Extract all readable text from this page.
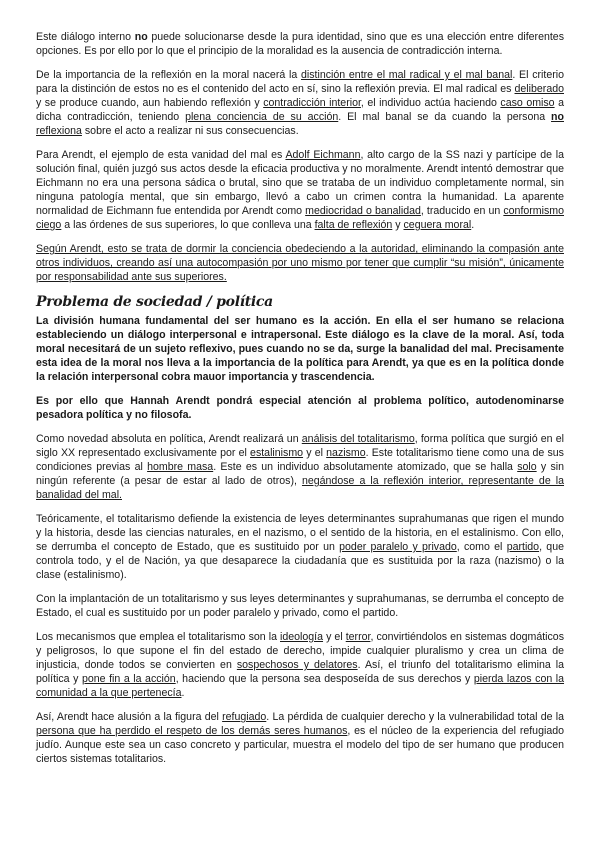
Este diálogo interno no puede solucionarse desde la pura identidad, sino que es una elección entre diferentes opciones. Es por ello por lo que el principio de la moralidad es la ausencia de contradicción interna.

De la importancia de la reflexión en la moral nacerá la distinción entre el mal radical y el mal banal. El criterio para la distinción de estos no es el contenido del acto en sí, sino la reflexión previa. El mal radical es deliberado y se produce cuando, aun habiendo reflexión y contradicción interior, el individuo actúa haciendo caso omiso a dicha contradicción, teniendo plena conciencia de su acción. El mal banal se da cuando la persona no reflexiona sobre el acto a realizar ni sus consecuencias.

Para Arendt, el ejemplo de esta vanidad del mal es Adolf Eichmann, alto cargo de la SS nazi y partícipe de la solución final, quién juzgó sus actos desde la eficacia productiva y no moralmente. Arendt intentó demostrar que Eichmann no era una persona sádica o brutal, sino que se trataba de un individuo completamente normal, sin ninguna patología mental, que sin embargo, llevó a cabo un crimen contra la humanidad. La aparente normalidad de Eichmann fue entendida por Arendt como mediocridad o banalidad, traducido en un conformismo ciego a las órdenes de sus superiores, lo que conlleva una falta de reflexión y ceguera moral.

Según Arendt, esto se trata de dormir la conciencia obedeciendo a la autoridad, eliminando la compasión ante otros individuos, creando así una autocompasión por uno mismo por tener que cumplir “su misión”, únicamente por responsabilidad ante sus superiores.

Problema de sociedad / política

La división humana fundamental del ser humano es la acción. En ella el ser humano se relaciona estableciendo un diálogo interpersonal e intrapersonal. Este diálogo es la clave de la moral. Así, toda moral necesitará de un sujeto reflexivo, pues cuando no se da, surge la banalidad del mal. Precisamente esta idea de la moral nos lleva a la importancia de la política para Arendt, ya que es en la política donde la relación interpersonal cobra mauor importancia y trascendencia.

Es por ello que Hannah Arendt pondrá especial atención al problema político, autodenominarse pesadora política y no filosofa.

Como novedad absoluta en política, Arendt realizará un análisis del totalitarismo, forma política que surgió en el siglo XX representado exclusivamente por el estalinismo y el nazismo. Este totalitarismo tiene como una de sus condiciones previas al hombre masa. Este es un individuo absolutamente atomizado, que se halla solo y sin ningún referente (a pesar de estar al lado de otros), negándose a la reflexión interior, representante de la banalidad del mal.

Teóricamente, el totalitarismo defiende la existencia de leyes determinantes suprahumanas que rigen el mundo y la historia, desde las ciencias naturales, en el nazismo, o el sentido de la historia, en el estalinismo. Con ello, se derrumba el concepto de Estado, que es sustituido por un poder paralelo y privado, como el partido, que controla todo, y el de Nación, ya que desaparece la ciudadanía que es sustituida por la raza (nazismo) o la clase (estalinismo).

Con la implantación de un totalitarismo y sus leyes determinantes y suprahumanas, se derrumba el concepto de Estado, el cual es sustituido por un poder paralelo y privado, como el partido.

Los mecanismos que emplea el totalitarismo son la ideología y el terror, convirtiéndolos en sistemas dogmáticos y peligrosos, lo que supone el fin del estado de derecho, impide cualquier pluralismo y crea un clima de injusticia, donde todos se convierten en sospechosos y delatores. Así, el triunfo del totalitarismo elimina la política y pone fin a la acción, haciendo que la persona sea desposeída de sus derechos y pierda lazos con la comunidad a la que pertenecía.

Así, Arendt hace alusión a la figura del refugiado. La pérdida de cualquier derecho y la vulnerabilidad total de la persona que ha perdido el respeto de los demás seres humanos, es el núcleo de la experiencia del refugiado judío. Aunque este sea un caso concreto y particular, muestra el modelo del tipo de ser humano que producen ciertos sistemas totalitarios.
